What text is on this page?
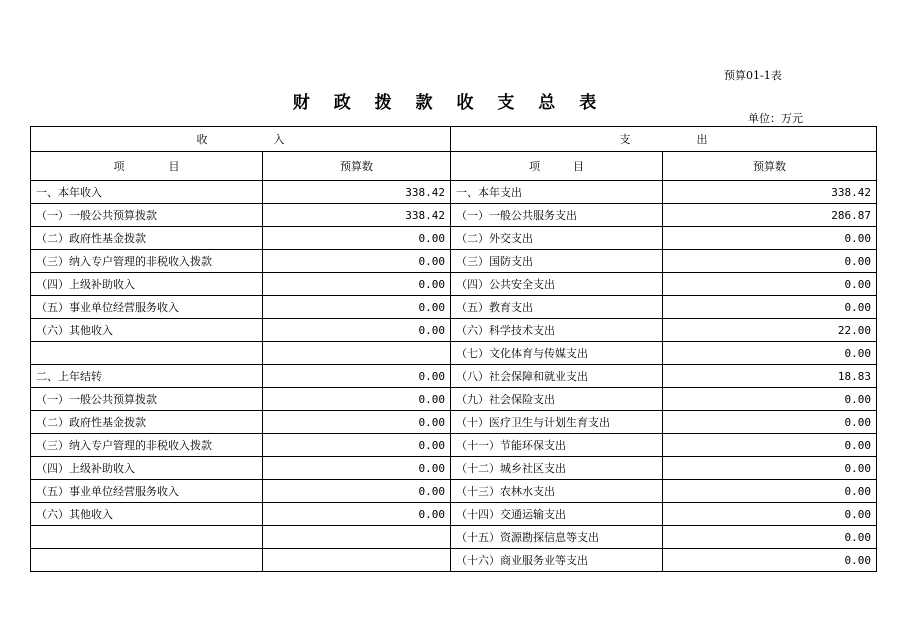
预算01-1表
财 政 拨 款 收 支 总 表
单位：万元
收　　　　　　入		支　　　　　　出	
项　　　　目	预算数	项　　　目	预算数
一、本年收入	338.42	一、本年支出	338.42
（一）一般公共预算拨款	338.42	（一）一般公共服务支出	286.87
（二）政府性基金拨款	0.00	（二）外交支出	0.00
（三）纳入专户管理的非税收入拨款	0.00	（三）国防支出	0.00
（四）上级补助收入	0.00	（四）公共安全支出	0.00
（五）事业单位经营服务收入	0.00	（五）教育支出	0.00
（六）其他收入	0.00	（六）科学技术支出	22.00
		（七）文化体育与传媒支出	0.00
二、上年结转	0.00	（八）社会保障和就业支出	18.83
（一）一般公共预算拨款	0.00	（九）社会保险支出	0.00
（二）政府性基金拨款	0.00	（十）医疗卫生与计划生育支出	0.00
（三）纳入专户管理的非税收入拨款	0.00	（十一）节能环保支出	0.00
（四）上级补助收入	0.00	（十二）城乡社区支出	0.00
（五）事业单位经营服务收入	0.00	（十三）农林水支出	0.00
（六）其他收入	0.00	（十四）交通运输支出	0.00
		（十五）资源勘探信息等支出	0.00
		（十六）商业服务业等支出	0.00
